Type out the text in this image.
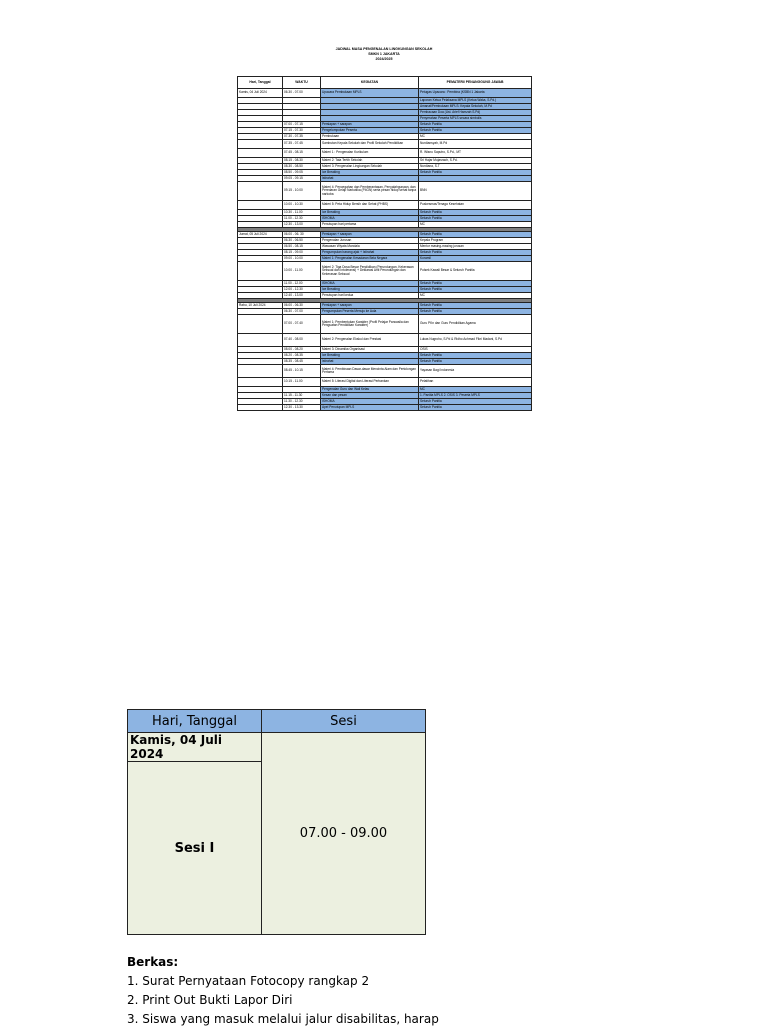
JADWAL MASA PENGENALAN LINGKUNGAN SEKOLAH
SMKN 1 JAKARTA
2024/2025
Hari, Tanggal	WAKTU	KEGIATAN	PEMATERI/ PENANGGUNG JAWAB
Kamis, 04 Juli 2024	06.30 - 07.00	Upacara Pembukaan MPLS	Petugas Upacara : Pembina (KSBN 1 Jakarta
			Laporan Ketua Pelaksana MPLS (Ketua Waka, S.Pd.)
			Amanat/Pembukaan MPLS: Kepala Sekolah, M.Pd
			Pembacaan Doa (Ust. Arief Hamzah S.Pd)
			Penyerahan Peserta MPLS secara simbolis
	07.00 - 07.15	Persiapan + sarapan	Seluruh Panitia
	07.15 - 07.30	Pengelompokan Peserta	Seluruh Panitia
	07.30 - 07.35	Pembukaan	MC
	07.35 - 07.45	Sambutan Kepala Sekolah dan Profil Sekolah Pendidikan	Nurdiansyah, M.Pd
	07.45 - 08.15	Materi 1 : Pengenalan Kurikulum	R. Wisnu Saputro, S.Pd., MT
	08.15 - 08.30	Materi 2: Tata Tertib Sekolah	Sri Hajar Mujasrach, S.Pd.
	08.30 - 08.50	Materi 3: Pengenalan Lingkungan Sekolah	Nurdiana, S.T
	08.50 - 09.05	Ice Breaking	Seluruh Panitia
	09.05 - 09.15	Istirahat	
	09.15 - 10.00	Materi 4: Pencegahan dan Pemberantasan, Penyalahgunaan, dan Peredaran Gelap Narkotika (P4GN) serta pesan hidup sehat tanpa narkoba	BNN
	10.00 - 10.30	Materi 5: Peta Hidup Bersih dan Sehat (PHBS)	Puskesmas/Tenaga Kesehatan
	10.30 - 11.00	Ice Breaking	Seluruh Panitia
	11.00 - 12.30	ISHOMA	Seluruh Panitia
	12.30 - 13.00	Penutupan hari pertama	MC

Jumat, 05 Juli 2024	06.00 - 06. 30	Persiapan + sarapan	Seluruh Panitia
	06.30 - 06.50	Pengenalan Jurusan	Kepala Program
	06.50 - 08.15	Wawasan Wiyata Mandala	Mentor masing-masing jurusan
	08.15 - 09.00	Pengumpulan barang ajak + Istirahat	Seluruh Panitia
	09.00 - 10.00	Materi 1: Pengenalan Kesadaran Bela Negara	Koramil
	10.00 - 11.00	Materi 2: Tiga Dosa Besar Pendidikan (Perundungan, Kekerasan Seksual dan Intoleransi) + Deklarasi Anti Perundungan dan Kekerasan Seksual	Polsek Kawali Besar & Seluruh Panitia
	11.00 - 12.00	ISHOMA	Seluruh Panitia
	12.00 - 12.30	Ice Breaking	Seluruh Panitia
	12.40 - 13.00	Penutupan hari kedua	MC

Rabu, 10 Juli 2024	06.00 - 06.30	Persiapan + sarapan	Seluruh Panitia
	06.30 - 07.00	Pengumpulan Peserta Menuju ke Aula	Seluruh Panitia
	07.00 - 07.40	Materi 1: Pembentukan Karakter (Profil Pelajar Pancasila dan Penguatan Pendidikan Karakter)	Guru PKn dan Guru Pendidikan Agama
	07.40 - 08.00	Materi 2: Pengenalan Ekskul dan Prestasi	Lukas Nugroho, S.Pd & Ridho Achmad Fikri Madani, S.Pd
	08.00 - 08.20	Materi 3: Dinamika Organisasi	OSIS
	08.20 - 08.35	Ice Breaking	Seluruh Panitia
	08.35 - 08.45	Istirahat	Seluruh Panitia
	08.45 - 10.15	Materi 4: Pembinaan Dasar-dasar Mencinta Alam dan Pertolongan Pertama	Yayasan Bagi Indonesia
	10.15 - 11.00	Materi 5: Literasi Digital dan Literasi Perbankan	Pelatihan
		Pengenalan Guru dan Wali Kelas	MC
	11.15 - 11.30	Kesan dan pesan	1. Panitia MPLS 2. OSIS 3. Peserta MPLS
	11.30 - 12.30	ISHOMA	Seluruh Panitia
	12.30 - 13.30	Apel Penutupan MPLS	Seluruh Panitia
Hari, Tanggal	Sesi
Kamis, 04 Juli 2024	07.00 - 09.00
Sesi I	
Berkas:
1. Surat Pernyataan Fotocopy rangkap 2
2. Print Out Bukti Lapor Diri
3. Siswa yang masuk melalui jalur disabilitas, harap
